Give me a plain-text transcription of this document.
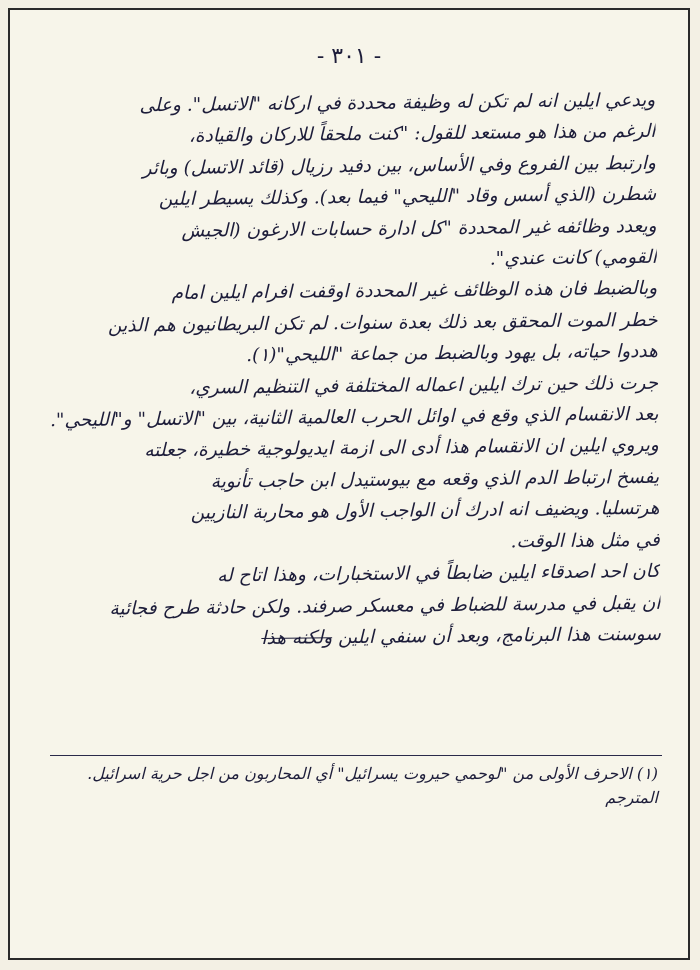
- ٣٠١ -
ويدعي ايلين انه لم تكن له وظيفة محددة في اركانه "الاتسل". وعلى
الرغم من هذا هو مستعد للقول: "كنت ملحقاً للاركان والقيادة،
وارتبط بين الفروع وفي الأساس، بين دفيد رزيال (قائد الاتسل) وبائر
شطرن (الذي أسس وقاد "الليحي" فيما بعد). وكذلك يسيطر ايلين
ويعدد وظائفه غير المحددة "كل ادارة حسابات الارغون (الجيش
القومي) كانت عندي".
وبالضبط فان هذه الوظائف غير المحددة اوقفت افرام ايلين امام
خطر الموت المحقق بعد ذلك بعدة سنوات. لم تكن البريطانيون هم الذين
هددوا حياته، بل يهود وبالضبط من جماعة "الليحي"(١).
جرت ذلك حين ترك ايلين اعماله المختلفة في التنظيم السري،
بعد الانقسام الذي وقع في اوائل الحرب العالمية الثانية، بين "الاتسل" و"الليحي".
ويروي ايلين ان الانقسام هذا أدى الى ازمة ايديولوجية خطيرة، جعلته
يفسخ ارتباط الدم الذي وقعه مع بيوستيدل ابن حاجب تأنوية
هرتسليا. ويضيف انه ادرك أن الواجب الأول هو محاربة النازيين
في مثل هذا الوقت.
كان احد اصدقاء ايلين ضابطاً في الاستخبارات، وهذا اتاح له
ان يقبل في مدرسة للضباط في معسكر صرفند. ولكن حادثة طرح فجائية
سوسنت هذا البرنامج، وبعد أن سنفي ايلين ولكنه هذا
(١) الاحرف الأولى من "لوحمي حيروت يسرائيل" أي المحاربون من اجل حرية اسرائيل. المترجم
